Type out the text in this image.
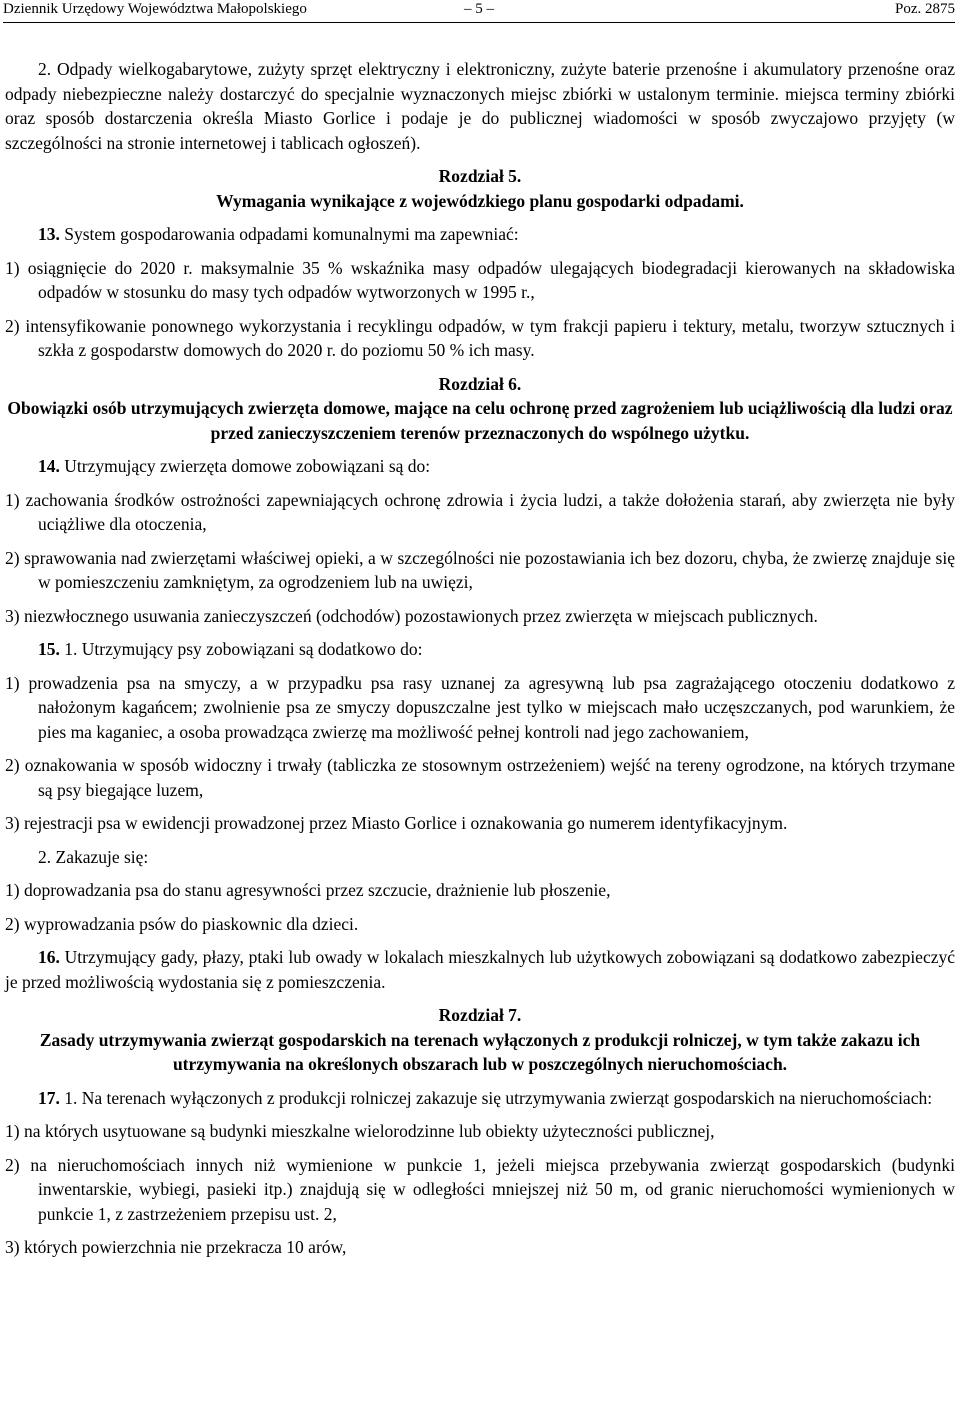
Dziennik Urzędowy Województwa Małopolskiego	– 5 –	Poz. 2875

2. Odpady wielkogabarytowe, zużyty sprzęt elektryczny i elektroniczny, zużyte baterie przenośne i akumulatory przenośne oraz odpady niebezpieczne należy dostarczyć do specjalnie wyznaczonych miejsc zbiórki w ustalonym terminie. miejsca terminy zbiórki oraz sposób dostarczenia określa Miasto Gorlice i podaje je do publicznej wiadomości w sposób zwyczajowo przyjęty (w szczególności na stronie internetowej i tablicach ogłoszeń).

Rozdział 5.

Wymagania wynikające z wojewódzkiego planu gospodarki odpadami.

13. System gospodarowania odpadami komunalnymi ma zapewniać:

1) osiągnięcie do 2020 r. maksymalnie 35 % wskaźnika masy odpadów ulegających biodegradacji kierowanych na składowiska odpadów w stosunku do masy tych odpadów wytworzonych w 1995 r.,

2) intensyfikowanie ponownego wykorzystania i recyklingu odpadów, w tym frakcji papieru i tektury, metalu, tworzyw sztucznych i szkła z gospodarstw domowych do 2020 r. do poziomu 50 % ich masy.

Rozdział 6.

Obowiązki osób utrzymujących zwierzęta domowe, mające na celu ochronę przed zagrożeniem lub uciążliwością dla ludzi oraz przed zanieczyszczeniem terenów przeznaczonych do wspólnego użytku.

14. Utrzymujący zwierzęta domowe zobowiązani są do:

1) zachowania środków ostrożności zapewniających ochronę zdrowia i życia ludzi, a także dołożenia starań, aby zwierzęta nie były uciążliwe dla otoczenia,

2) sprawowania nad zwierzętami właściwej opieki, a w szczególności nie pozostawiania ich bez dozoru, chyba, że zwierzę znajduje się w pomieszczeniu zamkniętym, za ogrodzeniem lub na uwięzi,

3) niezwłocznego usuwania zanieczyszczeń (odchodów) pozostawionych przez zwierzęta w miejscach publicznych.

15. 1. Utrzymujący psy zobowiązani są dodatkowo do:

1) prowadzenia psa na smyczy, a w przypadku psa rasy uznanej za agresywną lub psa zagrażającego otoczeniu dodatkowo z nałożonym kagańcem; zwolnienie psa ze smyczy dopuszczalne jest tylko w miejscach mało uczęszczanych, pod warunkiem, że pies ma kaganiec, a osoba prowadząca zwierzę ma możliwość pełnej kontroli nad jego zachowaniem,

2) oznakowania w sposób widoczny i trwały (tabliczka ze stosownym ostrzeżeniem) wejść na tereny ogrodzone, na których trzymane są psy biegające luzem,

3) rejestracji psa w ewidencji prowadzonej przez Miasto Gorlice i oznakowania go numerem identyfikacyjnym.

2. Zakazuje się:

1) doprowadzania psa do stanu agresywności przez szczucie, drażnienie lub płoszenie,

2) wyprowadzania psów do piaskownic dla dzieci.

16. Utrzymujący gady, płazy, ptaki lub owady w lokalach mieszkalnych lub użytkowych zobowiązani są dodatkowo zabezpieczyć je przed możliwością wydostania się z pomieszczenia.

Rozdział 7.

Zasady utrzymywania zwierząt gospodarskich na terenach wyłączonych z produkcji rolniczej, w tym także zakazu ich utrzymywania na określonych obszarach lub w poszczególnych nieruchomościach.

17. 1. Na terenach wyłączonych z produkcji rolniczej zakazuje się utrzymywania zwierząt gospodarskich na nieruchomościach:

1) na których usytuowane są budynki mieszkalne wielorodzinne lub obiekty użyteczności publicznej,

2) na nieruchomościach innych niż wymienione w punkcie 1, jeżeli miejsca przebywania zwierząt gospodarskich (budynki inwentarskie, wybiegi, pasieki itp.) znajdują się w odległości mniejszej niż 50 m, od granic nieruchomości wymienionych w punkcie 1, z zastrzeżeniem przepisu ust. 2,

3) których powierzchnia nie przekracza 10 arów,
